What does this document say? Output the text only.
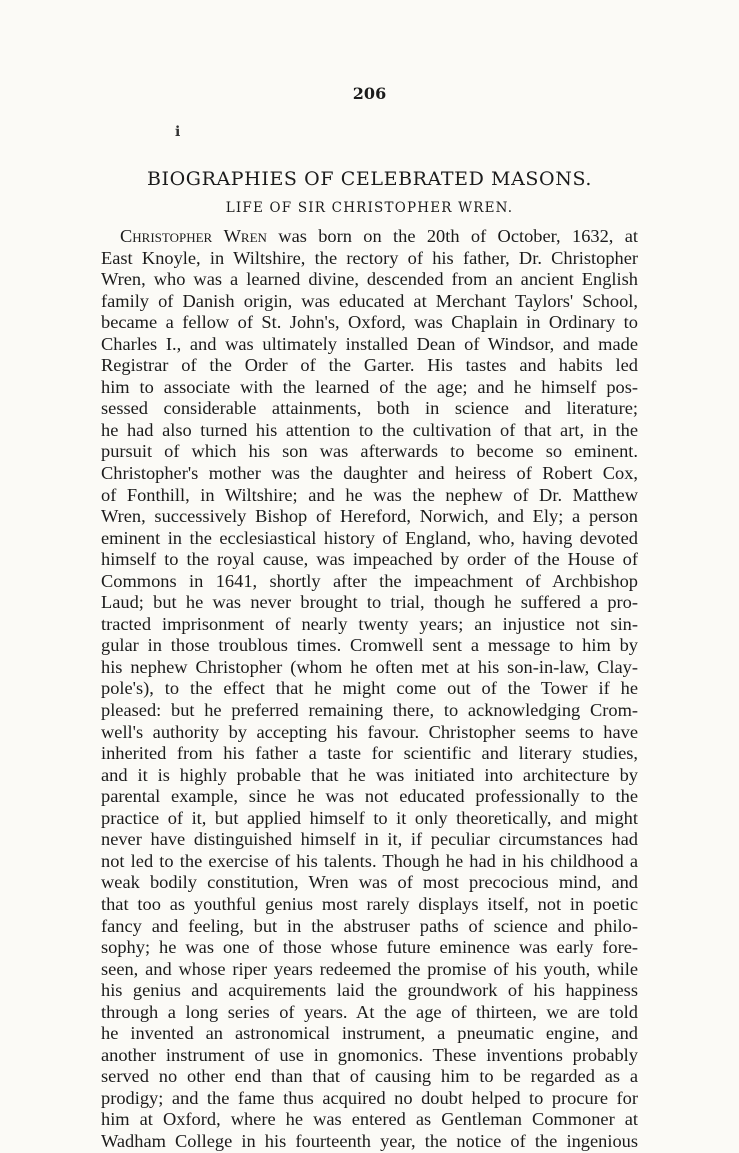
206
ℹ
BIOGRAPHIES OF CELEBRATED MASONS.
LIFE OF SIR CHRISTOPHER WREN.
Christopher Wren was born on the 20th of October, 1632, at
East Knoyle, in Wiltshire, the rectory of his father, Dr. Christopher
Wren, who was a learned divine, descended from an ancient English
family of Danish origin, was educated at Merchant Taylors' School,
became a fellow of St. John's, Oxford, was Chaplain in Ordinary to
Charles I., and was ultimately installed Dean of Windsor, and made
Registrar of the Order of the Garter. His tastes and habits led
him to associate with the learned of the age; and he himself pos-
sessed considerable attainments, both in science and literature;
he had also turned his attention to the cultivation of that art, in the
pursuit of which his son was afterwards to become so eminent.
Christopher's mother was the daughter and heiress of Robert Cox,
of Fonthill, in Wiltshire; and he was the nephew of Dr. Matthew
Wren, successively Bishop of Hereford, Norwich, and Ely; a person
eminent in the ecclesiastical history of England, who, having devoted
himself to the royal cause, was impeached by order of the House of
Commons in 1641, shortly after the impeachment of Archbishop
Laud; but he was never brought to trial, though he suffered a pro-
tracted imprisonment of nearly twenty years; an injustice not sin-
gular in those troublous times. Cromwell sent a message to him by
his nephew Christopher (whom he often met at his son-in-law, Clay-
pole's), to the effect that he might come out of the Tower if he
pleased: but he preferred remaining there, to acknowledging Crom-
well's authority by accepting his favour. Christopher seems to have
inherited from his father a taste for scientific and literary studies,
and it is highly probable that he was initiated into architecture by
parental example, since he was not educated professionally to the
practice of it, but applied himself to it only theoretically, and might
never have distinguished himself in it, if peculiar circumstances had
not led to the exercise of his talents. Though he had in his childhood a
weak bodily constitution, Wren was of most precocious mind, and
that too as youthful genius most rarely displays itself, not in poetic
fancy and feeling, but in the abstruser paths of science and philo-
sophy; he was one of those whose future eminence was early fore-
seen, and whose riper years redeemed the promise of his youth, while
his genius and acquirements laid the groundwork of his happiness
through a long series of years. At the age of thirteen, we are told
he invented an astronomical instrument, a pneumatic engine, and
another instrument of use in gnomonics. These inventions probably
served no other end than that of causing him to be regarded as a
prodigy; and the fame thus acquired no doubt helped to procure for
him at Oxford, where he was entered as Gentleman Commoner at
Wadham College in his fourteenth year, the notice of the ingenious
